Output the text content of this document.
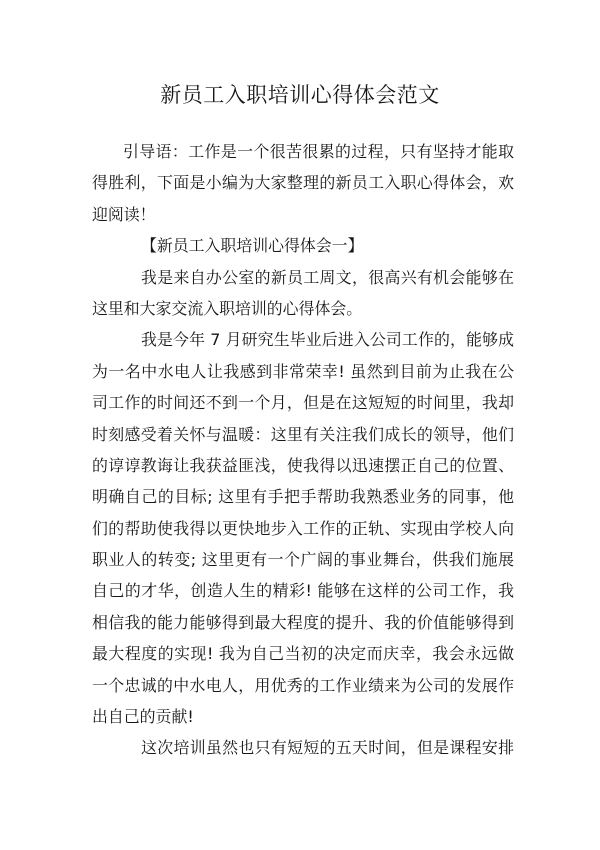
新员工入职培训心得体会范文
引导语：工作是一个很苦很累的过程，只有坚持才能取
得胜利，下面是小编为大家整理的新员工入职心得体会，欢
迎阅读！
【新员工入职培训心得体会一】
我是来自办公室的新员工周文，很高兴有机会能够在
这里和大家交流入职培训的心得体会。
我是今年 7 月研究生毕业后进入公司工作的，能够成
为一名中水电人让我感到非常荣幸! 虽然到目前为止我在公
司工作的时间还不到一个月，但是在这短短的时间里，我却
时刻感受着关怀与温暖：这里有关注我们成长的领导，他们
的谆谆教诲让我获益匪浅，使我得以迅速摆正自己的位置、
明确自己的目标; 这里有手把手帮助我熟悉业务的同事，他
们的帮助使我得以更快地步入工作的正轨、实现由学校人向
职业人的转变; 这里更有一个广阔的事业舞台，供我们施展
自己的才华，创造人生的精彩! 能够在这样的公司工作，我
相信我的能力能够得到最大程度的提升、我的价值能够得到
最大程度的实现! 我为自己当初的决定而庆幸，我会永远做
一个忠诚的中水电人，用优秀的工作业绩来为公司的发展作
出自己的贡献!
这次培训虽然也只有短短的五天时间，但是课程安排
